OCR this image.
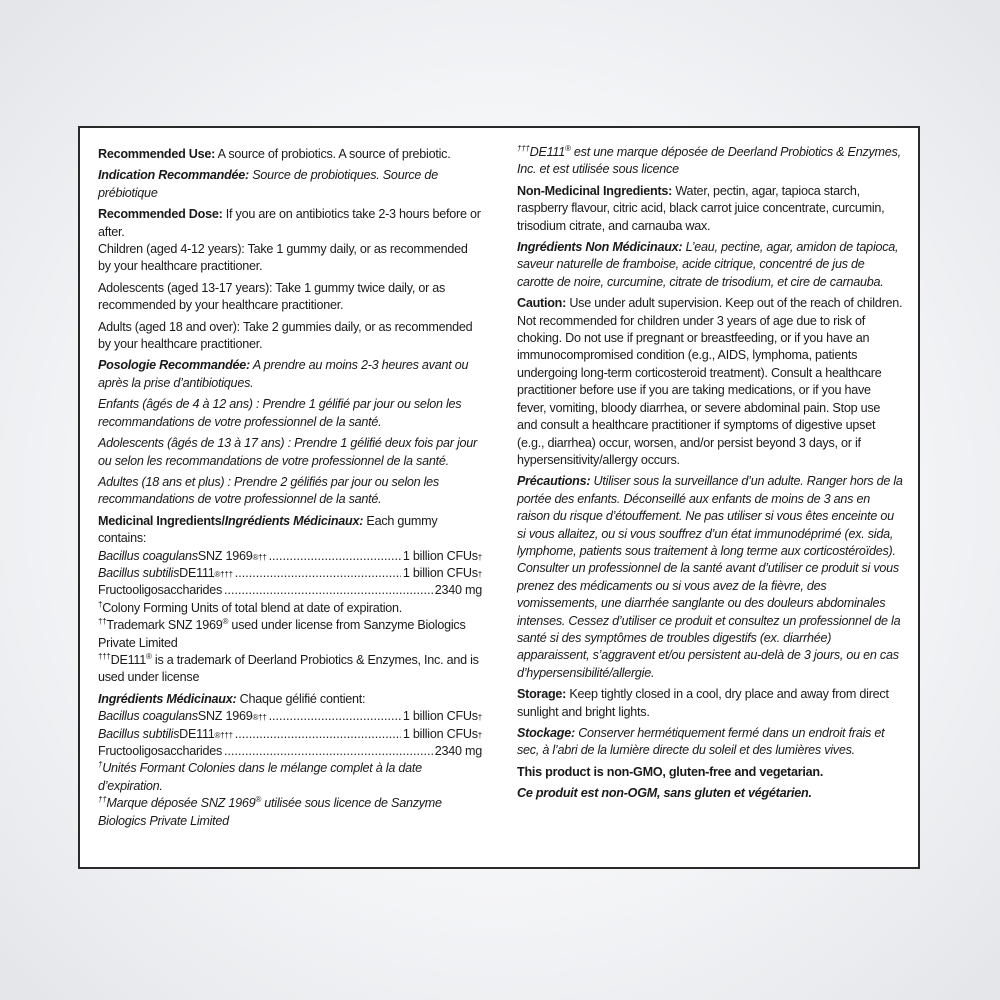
Recommended Use: A source of probiotics. A source of prebiotic.

Indication Recommandée: Source de probiotiques. Source de prébiotique

Recommended Dose: If you are on antibiotics take 2-3 hours before or after.

Children (aged 4-12 years): Take 1 gummy daily, or as recommended by your healthcare practitioner.

Adolescents (aged 13-17 years): Take 1 gummy twice daily, or as recommended by your healthcare practitioner.

Adults (aged 18 and over): Take 2 gummies daily, or as recommended by your healthcare practitioner.

Posologie Recommandée: A prendre au moins 2-3 heures avant ou après la prise d’antibiotiques.

Enfants (âgés de 4 à 12 ans) : Prendre 1 gélifié par jour ou selon les recommandations de votre professionnel de la santé.

Adolescents (âgés de 13 à 17 ans) : Prendre 1 gélifié deux fois par jour ou selon les recommandations de votre professionnel de la santé.

Adultes (18 ans et plus) : Prendre 2 gélifiés par jour ou selon les recommandations de votre professionnel de la santé.

Medicinal Ingredients/Ingrédients Médicinaux: Each gummy contains:

Bacillus coagulans SNZ 1969 ®†† .....	1 billion CFUs †
Bacillus subtilis DE111 ®††† .....	1 billion CFUs †
Fructooligosaccharides .....	2340 mg

†Colony Forming Units of total blend at date of expiration.

††Trademark SNZ 1969® used under license from Sanzyme Biologics Private Limited

†††DE111® is a trademark of Deerland Probiotics & Enzymes, Inc. and is used under license

Ingrédients Médicinaux: Chaque gélifié contient:

Bacillus coagulans SNZ 1969 ®†† .....	1 billion CFUs †
Bacillus subtilis DE111 ®††† .....	1 billion CFUs †
Fructooligosaccharides .....	2340 mg

†Unités Formant Colonies dans le mélange complet à la date d’expiration.

††Marque déposée SNZ 1969® utilisée sous licence de Sanzyme Biologics Private Limited

†††DE111® est une marque déposée de Deerland Probiotics & Enzymes, Inc. et est utilisée sous licence

Non-Medicinal Ingredients: Water, pectin, agar, tapioca starch, raspberry flavour, citric acid, black carrot juice concentrate, curcumin, trisodium citrate, and carnauba wax.

Ingrédients Non Médicinaux: L’eau, pectine, agar, amidon de tapioca, saveur naturelle de framboise, acide citrique, concentré de jus de carotte de noire, curcumine, citrate de trisodium, et cire de carnauba.

Caution: Use under adult supervision. Keep out of the reach of children. Not recommended for children under 3 years of age due to risk of choking. Do not use if pregnant or breastfeeding, or if you have an immunocompromised condition (e.g., AIDS, lymphoma, patients undergoing long-term corticosteroid treatment). Consult a healthcare practitioner before use if you are taking medications, or if you have fever, vomiting, bloody diarrhea, or severe abdominal pain. Stop use and consult a healthcare practitioner if symptoms of digestive upset (e.g., diarrhea) occur, worsen, and/or persist beyond 3 days, or if hypersensitivity/allergy occurs.

Précautions: Utiliser sous la surveillance d’un adulte. Ranger hors de la portée des enfants. Déconseillé aux enfants de moins de 3 ans en raison du risque d’étouffement. Ne pas utiliser si vous êtes enceinte ou si vous allaitez, ou si vous souffrez d’un état immunodéprimé (ex. sida, lymphome, patients sous traitement à long terme aux corticostéroïdes). Consulter un professionnel de la santé avant d’utiliser ce produit si vous prenez des médicaments ou si vous avez de la fièvre, des vomissements, une diarrhée sanglante ou des douleurs abdominales intenses. Cessez d’utiliser ce produit et consultez un professionnel de la santé si des symptômes de troubles digestifs (ex. diarrhée) apparaissent, s’aggravent et/ou persistent au-delà de 3 jours, ou en cas d’hypersensibilité/allergie.

Storage: Keep tightly closed in a cool, dry place and away from direct sunlight and bright lights.

Stockage: Conserver hermétiquement fermé dans un endroit frais et sec, à l’abri de la lumière directe du soleil et des lumières vives.

This product is non-GMO, gluten-free and vegetarian.

Ce produit est non-OGM, sans gluten et végétarien.
